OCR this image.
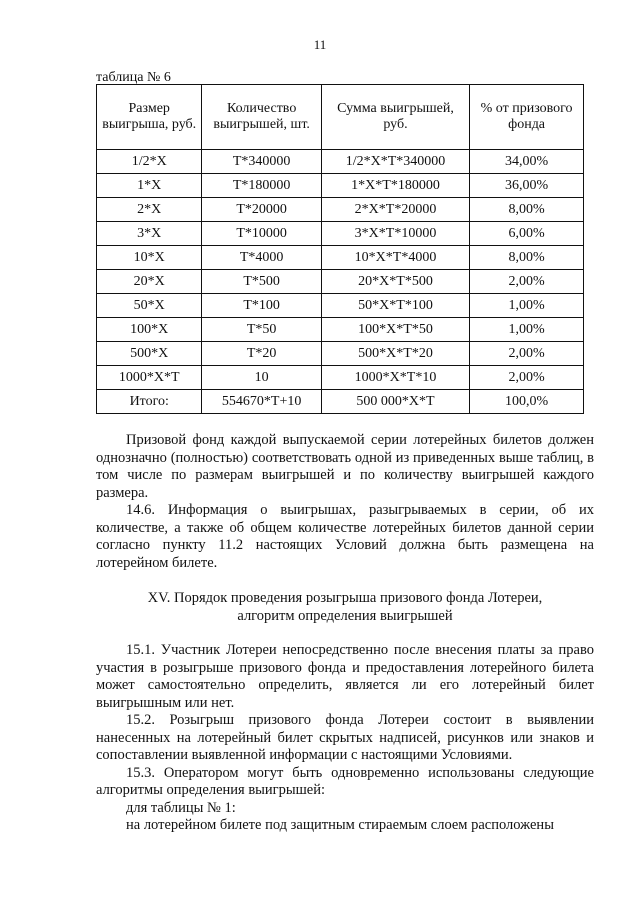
11
таблица № 6
Размер выигрыша, руб.	Количество выигрышей, шт.	Сумма выигрышей, руб.	% от призового фонда
1/2*Х	Т*340000	1/2*Х*Т*340000	34,00%
1*Х	Т*180000	1*Х*Т*180000	36,00%
2*Х	Т*20000	2*Х*Т*20000	8,00%
3*Х	Т*10000	3*Х*Т*10000	6,00%
10*Х	Т*4000	10*Х*Т*4000	8,00%
20*Х	Т*500	20*Х*Т*500	2,00%
50*Х	Т*100	50*Х*Т*100	1,00%
100*Х	Т*50	100*Х*Т*50	1,00%
500*Х	Т*20	500*Х*Т*20	2,00%
1000*Х*Т	10	1000*Х*Т*10	2,00%
Итого:	554670*Т+10	500 000*Х*Т	100,0%

Призовой фонд каждой выпускаемой серии лотерейных билетов должен однозначно (полностью) соответствовать одной из приведенных выше таблиц, в том числе по размерам выигрышей и по количеству выигрышей каждого размера.

14.6. Информация о выигрышах, разыгрываемых в серии, об их количестве, а также об общем количестве лотерейных билетов данной серии согласно пункту 11.2 настоящих Условий должна быть размещена на лотерейном билете.

XV. Порядок проведения розыгрыша призового фонда Лотереи,
алгоритм определения выигрышей

15.1. Участник Лотереи непосредственно после внесения платы за право участия в розыгрыше призового фонда и предоставления лотерейного билета может самостоятельно определить, является ли его лотерейный билет выигрышным или нет.

15.2. Розыгрыш призового фонда Лотереи состоит в выявлении нанесенных на лотерейный билет скрытых надписей, рисунков или знаков и сопоставлении выявленной информации с настоящими Условиями.

15.3. Оператором могут быть одновременно использованы следующие алгоритмы определения выигрышей:

для таблицы № 1:

на лотерейном билете под защитным стираемым слоем расположены
